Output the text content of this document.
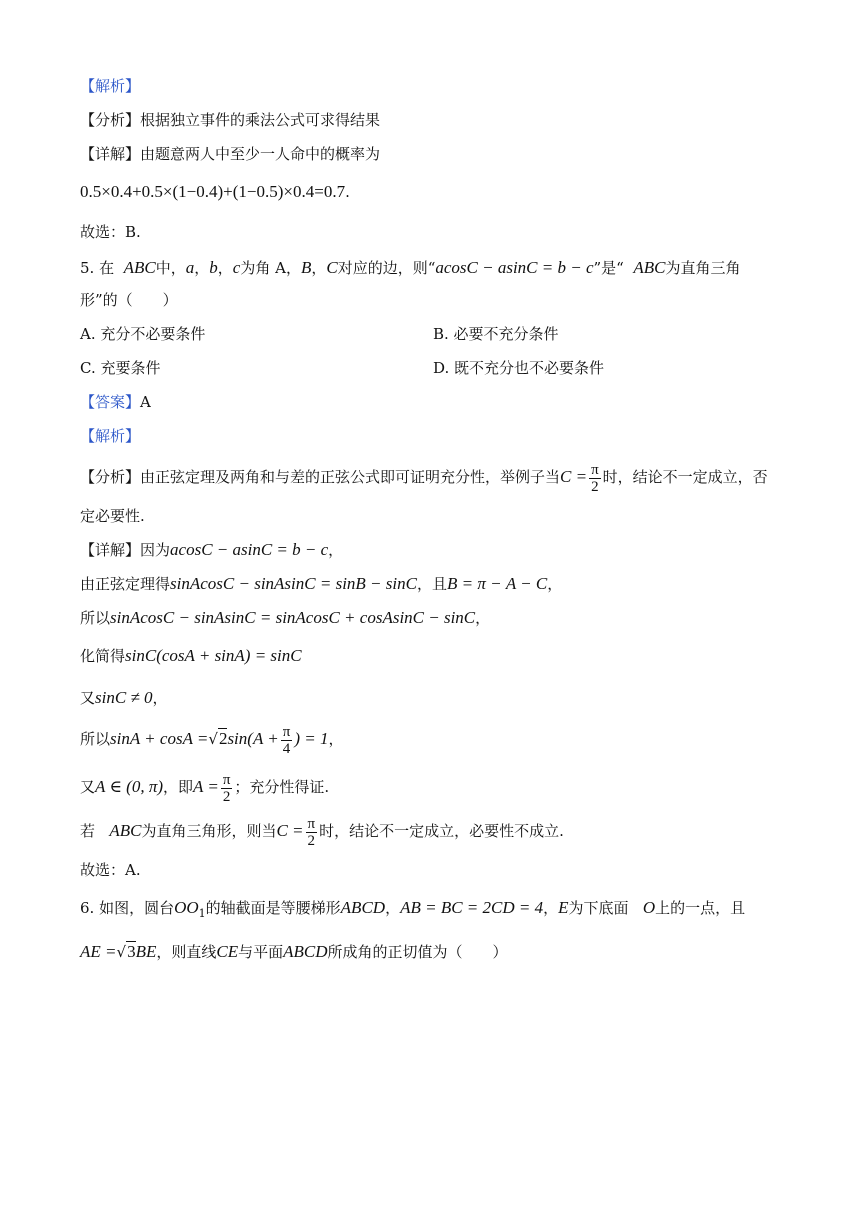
【解析】
【分析】根据独立事件的乘法公式可求得结果
【详解】由题意两人中至少一人命中的概率为
0.5×0.4+0.5×(1−0.4)+(1−0.5)×0.4=0.7.
故选：B.
5. 在 ABC中，a，b，c为角 A，B，C对应的边，则“acosC − asinC = b − c”是“ ABC为直角三角
形”的（　　）
A. 充分不必要条件	B. 必要不充分条件
C. 充要条件	D. 既不充分也不必要条件
【答案】A
【解析】
【分析】由正弦定理及两角和与差的正弦公式即可证明充分性，举例子当$C = \frac{\pi}{2}$ 时，结论不一定成立，否
定必要性.
【详解】因为acosC − asinC = b − c，
由正弦定理得sinAcosC − sinAsinC = sinB − sinC，且B = π − A − C，
所以sinAcosC − sinAsinC = sinAcosC + cosAsinC − sinC，
化简得sinC(cosA + sinA) = sinC
又sinC ≠ 0，
所以$\sin A + \cos A =√2\sin(A + \frac{\pi}{4}$ ) = 1，
又A ∈ (0, π)，即$A = \frac{\pi}{2}$ ；充分性得证.
若 ABC为直角三角形，则当$C = \frac{\pi}{2}$ 时，结论不一定成立，必要性不成立.
故选：A.
6. 如图，圆台$OO_1$的轴截面是等腰梯形ABCD，AB = BC = 2CD = 4，E为下底面 O上的一点，且
AE =√3BE，则直线CE与平面ABCD所成角的正切值为（　　）
